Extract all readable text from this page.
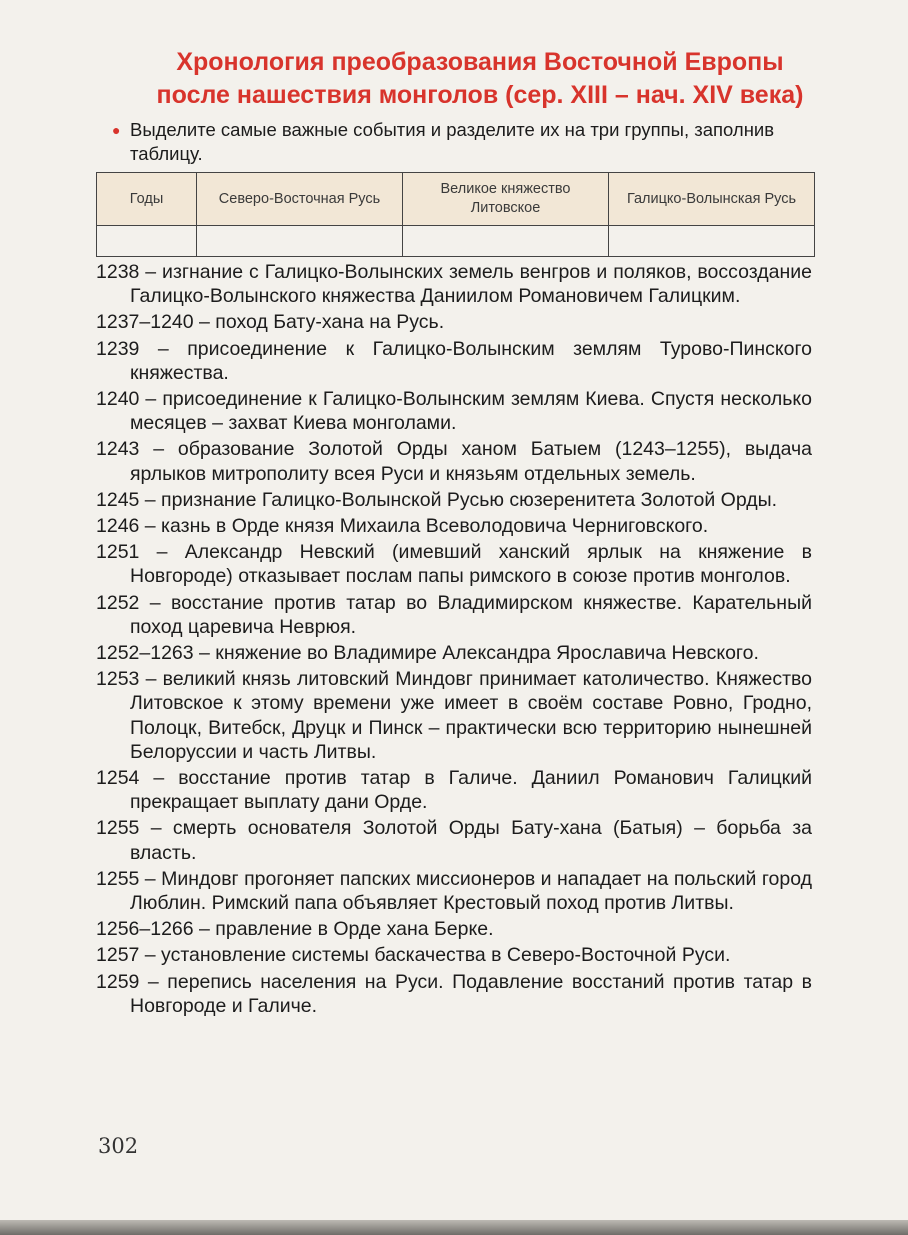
Хронология преобразования Восточной Европы
после нашествия монголов (сер. XIII – нач. XIV века)
● Выделите самые важные события и разделите их на три группы, заполнив таблицу.
Годы	Северо-Восточная Русь	Великое княжество Литовское	Галицко-Волынская Русь

1238 – изгнание с Галицко-Волынских земель венгров и поляков, воссоздание Галицко-Волынского княжества Даниилом Романовичем Галицким.
1237–1240 – поход Бату-хана на Русь.
1239 – присоединение к Галицко-Волынским землям Турово-Пинского княжества.
1240 – присоединение к Галицко-Волынским землям Киева. Спустя несколько месяцев – захват Киева монголами.
1243 – образование Золотой Орды ханом Батыем (1243–1255), выдача ярлыков митрополиту всея Руси и князьям отдельных земель.
1245 – признание Галицко-Волынской Русью сюзеренитета Золотой Орды.
1246 – казнь в Орде князя Михаила Всеволодовича Черниговского.
1251 – Александр Невский (имевший ханский ярлык на княжение в Новгороде) отказывает послам папы римского в союзе против монголов.
1252 – восстание против татар во Владимирском княжестве. Карательный поход царевича Неврюя.
1252–1263 – княжение во Владимире Александра Ярославича Невского.
1253 – великий князь литовский Миндовг принимает католичество. Княжество Литовское к этому времени уже имеет в своём составе Ровно, Гродно, Полоцк, Витебск, Друцк и Пинск – практически всю территорию нынешней Белоруссии и часть Литвы.
1254 – восстание против татар в Галиче. Даниил Романович Галицкий прекращает выплату дани Орде.
1255 – смерть основателя Золотой Орды Бату-хана (Батыя) – борьба за власть.
1255 – Миндовг прогоняет папских миссионеров и нападает на польский город Люблин. Римский папа объявляет Крестовый поход против Литвы.
1256–1266 – правление в Орде хана Берке.
1257 – установление системы баскачества в Северо-Восточной Руси.
1259 – перепись населения на Руси. Подавление восстаний против татар в Новгороде и Галиче.
302
